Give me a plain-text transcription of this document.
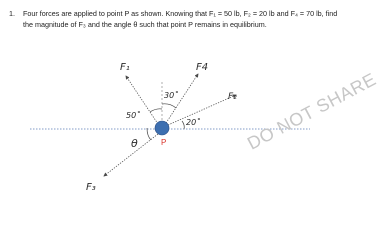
1.	Four forces are applied to point P as shown. Knowing that F₁ = 50 lb, F₂ = 20 lb and F₄ = 70 lb, find the magnitude of F₃ and the angle θ such that point P remains in equilibrium.
F₁	F4
F₂
F₃
50˚
30˚
20˚
θ	P	DO NOT SHARE
